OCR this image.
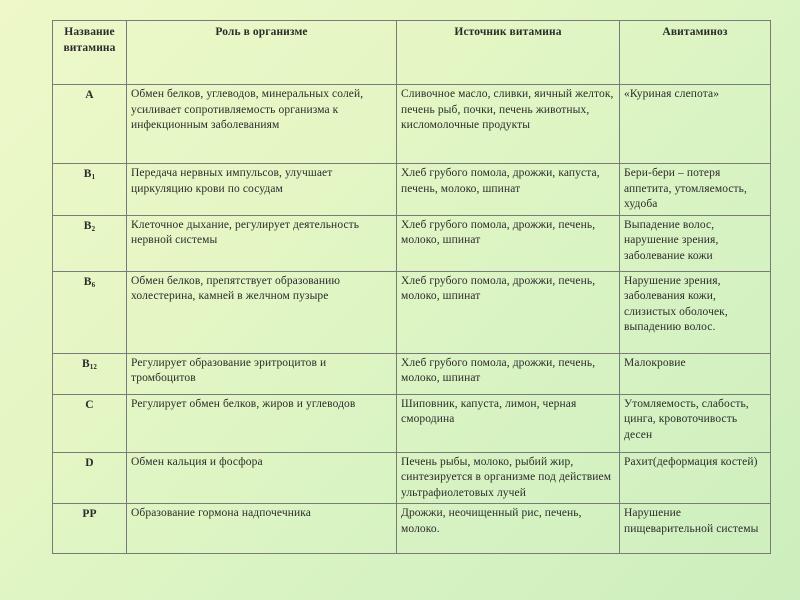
Название витамина	Роль в организме	Источник витамина	Авитаминоз
A	Обмен белков, углеводов, минеральных солей, усиливает сопротивляемость организма к инфекционным заболеваниям	Сливочное масло, сливки, яичный желток, печень рыб, почки, печень животных, кисломолочные продукты	«Куриная слепота»
$B_1$	Передача нервных импульсов, улучшает циркуляцию крови по сосудам	Хлеб грубого помола, дрожжи, капуста, печень, молоко, шпинат	Бери-бери – потеря аппетита, утомляемость, худоба
$B_2$	Клеточное дыхание, регулирует деятельность нервной системы	Хлеб грубого помола, дрожжи, печень, молоко, шпинат	Выпадение волос, нарушение зрения, заболевание кожи
$B_6$	Обмен белков, препятствует образованию холестерина, камней в желчном пузыре	Хлеб грубого помола, дрожжи, печень, молоко, шпинат	Нарушение зрения, заболевания кожи, слизистых оболочек, выпадению волос.
$B_{12}$	Регулирует образование эритроцитов и тромбоцитов	Хлеб грубого помола, дрожжи, печень, молоко, шпинат	Малокровие
C	Регулирует обмен белков, жиров и углеводов	Шиповник, капуста, лимон, черная смородина	Утомляемость, слабость, цинга, кровоточивость десен
D	Обмен кальция и фосфора	Печень рыбы, молоко, рыбий жир, синтезируется в организме под действием ультрафиолетовых лучей	Рахит(деформация костей)
PP	Образование гормона надпочечника	Дрожжи, неочищенный рис, печень, молоко.	Нарушение пищеварительной системы
